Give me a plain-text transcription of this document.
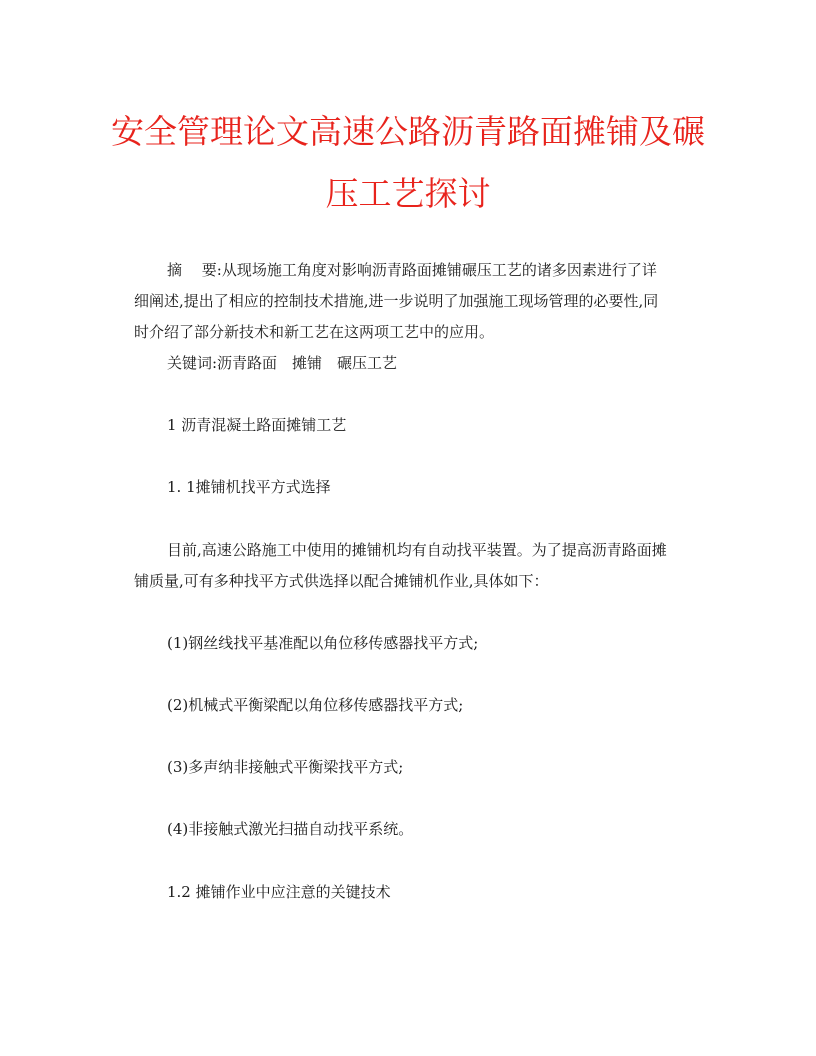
安全管理论文高速公路沥青路面摊铺及碾
压工艺探讨

摘　 要:从现场施工角度对影响沥青路面摊铺碾压工艺的诸多因素进行了详

细阐述,提出了相应的控制技术措施,进一步说明了加强施工现场管理的必要性,同

时介绍了部分新技术和新工艺在这两项工艺中的应用。

关键词:沥青路面　摊铺　碾压工艺

1 沥青混凝土路面摊铺工艺

1. 1摊铺机找平方式选择

目前,高速公路施工中使用的摊铺机均有自动找平装置。为了提高沥青路面摊

铺质量,可有多种找平方式供选择以配合摊铺机作业,具体如下：

(1)钢丝线找平基准配以角位移传感器找平方式;

(2)机械式平衡梁配以角位移传感器找平方式;

(3)多声纳非接触式平衡梁找平方式;

(4)非接触式激光扫描自动找平系统。

1.2 摊铺作业中应注意的关键技术
